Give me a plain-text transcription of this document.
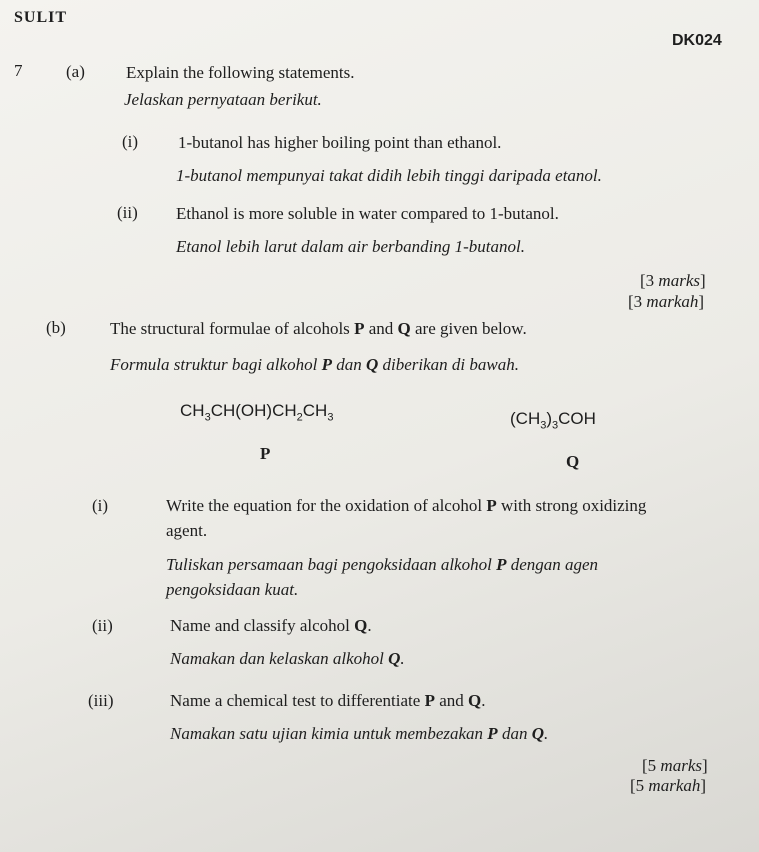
SULIT
DK024
7	(a) Explain the following statements.
Jelaskan pernyataan berikut.
(i) 1-butanol has higher boiling point than ethanol.
1-butanol mempunyai takat didih lebih tinggi daripada etanol.
(ii) Ethanol is more soluble in water compared to 1-butanol.
Etanol lebih larut dalam air berbanding 1-butanol.
[3 marks]
[3 markah]
(b)	The structural formulae of alcohols P and Q are given below.
Formula struktur bagi alkohol P dan Q diberikan di bawah.
$CH_3CH(OH)CH_2CH_3$	$(CH_3)_3COH$
P	Q
(i)	Write the equation for the oxidation of alcohol P with strong oxidizing
agent.
Tuliskan persamaan bagi pengoksidaan alkohol P dengan agen
pengoksidaan kuat.
(ii)	Name and classify alcohol Q.
Namakan dan kelaskan alkohol Q.
(iii)	Name a chemical test to differentiate P and Q.
Namakan satu ujian kimia untuk membezakan P dan Q.
[5 marks]
[5 markah]
